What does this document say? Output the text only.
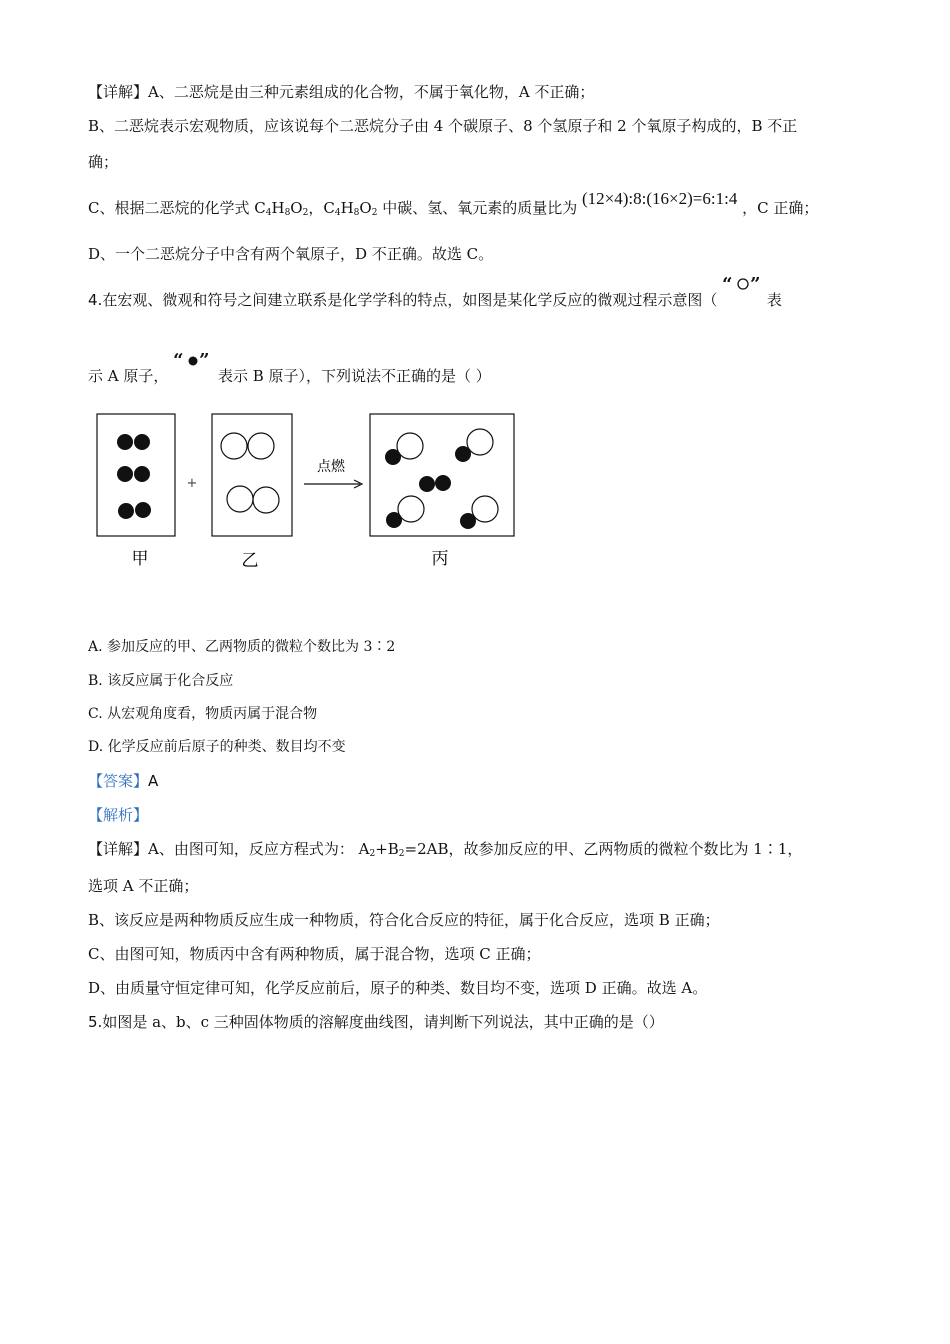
【详解】A、二恶烷是由三种元素组成的化合物，不属于氧化物，A 不正确；
B、二恶烷表示宏观物质，应该说每个二恶烷分子由 4 个碳原子、8 个氢原子和 2 个氧原子构成的，B 不正
确；
C、根据二恶烷的化学式 $C_4H_8O_2$，$C_4H_8O_2$ 中碳、氢、氧元素的质量比为 (12×4):8:(16×2)=6:1:4 ，C 正确；
D、一个二恶烷分子中含有两个氧原子，D 不正确。故选 C。
4.在宏观、微观和符号之间建立联系是化学学科的特点，如图是某化学反应的微观过程示意图（
“ ”
表
示 A 原子，
“ ”
表示 B 原子），下列说法不正确的是（ ）
甲
+
乙
点燃
丙
A. 参加反应的甲、乙两物质的微粒个数比为 3∶2
B. 该反应属于化合反应
C. 从宏观角度看，物质丙属于混合物
D. 化学反应前后原子的种类、数目均不变
【答案】A
【解析】
【详解】A、由图可知，反应方程式为： $A_2+B_2=2AB$，故参加反应的甲、乙两物质的微粒个数比为 1∶1，
选项 A 不正确；
B、该反应是两种物质反应生成一种物质，符合化合反应的特征，属于化合反应，选项 B 正确；
C、由图可知，物质丙中含有两种物质，属于混合物，选项 C 正确；
D、由质量守恒定律可知，化学反应前后，原子的种类、数目均不变，选项 D 正确。故选 A。
5.如图是 a、b、c 三种固体物质的溶解度曲线图，请判断下列说法，其中正确的是（）
